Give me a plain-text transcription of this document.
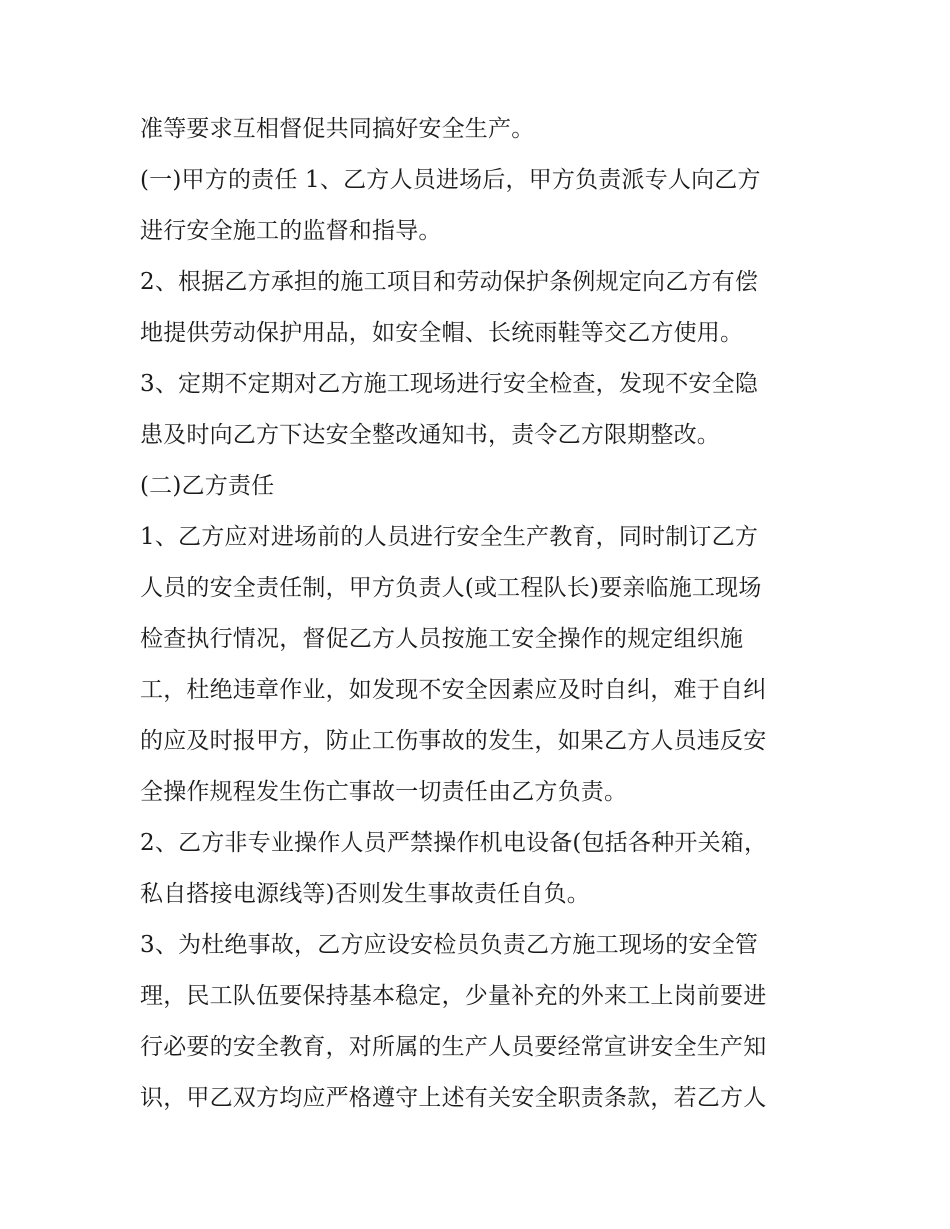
准等要求互相督促共同搞好安全生产。
(一)甲方的责任 1、乙方人员进场后，甲方负责派专人向乙方
进行安全施工的监督和指导。
2、根据乙方承担的施工项目和劳动保护条例规定向乙方有偿
地提供劳动保护用品，如安全帽、长统雨鞋等交乙方使用。
3、定期不定期对乙方施工现场进行安全检查，发现不安全隐
患及时向乙方下达安全整改通知书，责令乙方限期整改。
(二)乙方责任
1、乙方应对进场前的人员进行安全生产教育，同时制订乙方
人员的安全责任制，甲方负责人(或工程队长)要亲临施工现场
检查执行情况，督促乙方人员按施工安全操作的规定组织施
工，杜绝违章作业，如发现不安全因素应及时自纠，难于自纠
的应及时报甲方，防止工伤事故的发生，如果乙方人员违反安
全操作规程发生伤亡事故一切责任由乙方负责。
2、乙方非专业操作人员严禁操作机电设备(包括各种开关箱，
私自搭接电源线等)否则发生事故责任自负。
3、为杜绝事故，乙方应设安检员负责乙方施工现场的安全管
理，民工队伍要保持基本稳定，少量补充的外来工上岗前要进
行必要的安全教育，对所属的生产人员要经常宣讲安全生产知
识，甲乙双方均应严格遵守上述有关安全职责条款，若乙方人
